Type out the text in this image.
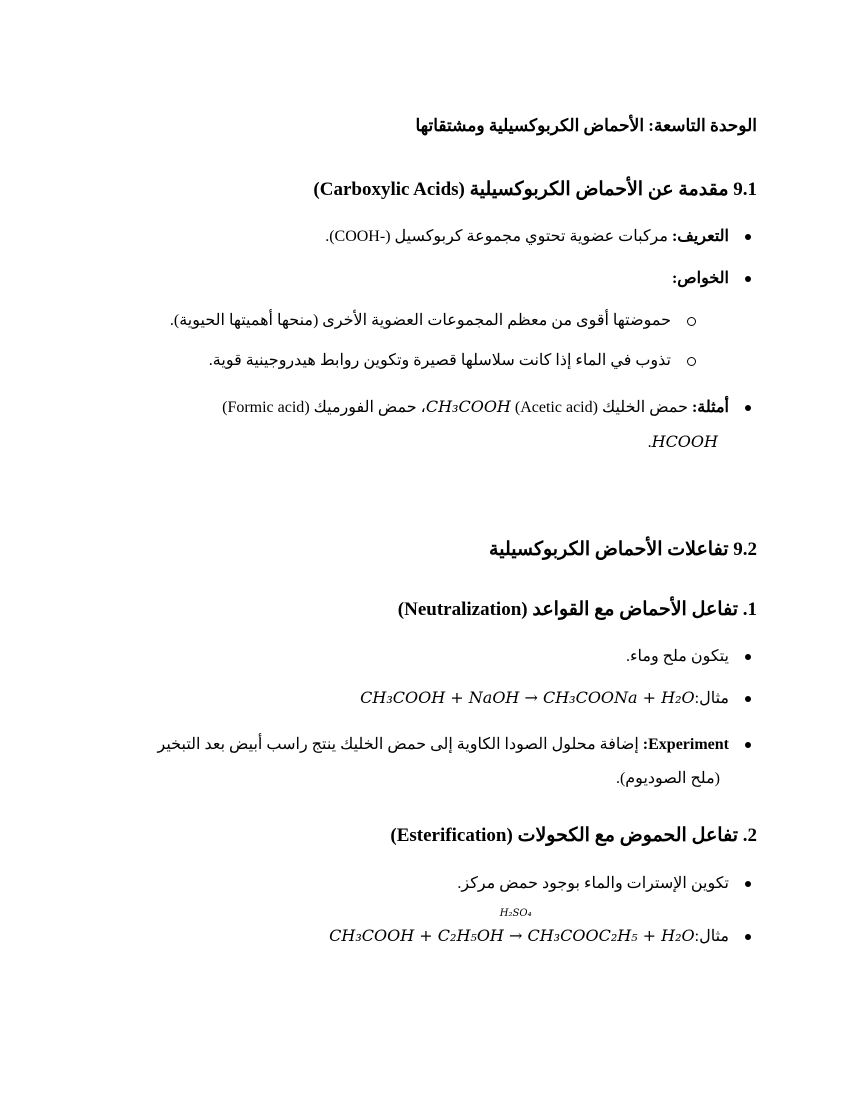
الوحدة التاسعة: الأحماض الكربوكسيلية ومشتقاتها
9.1 مقدمة عن الأحماض الكربوكسيلية (Carboxylic Acids)
التعريف: مركبات عضوية تحتوي مجموعة كربوكسيل (-COOH).
الخواص:
حموضتها أقوى من معظم المجموعات العضوية الأخرى (منحها أهميتها الحيوية).
تذوب في الماء إذا كانت سلاسلها قصيرة وتكوين روابط هيدروجينية قوية.
أمثلة: حمض الخليك (Acetic acid) CH₃COOH، حمض الفورميك (Formic acid)
HCOOH.
9.2 تفاعلات الأحماض الكربوكسيلية
1. تفاعل الأحماض مع القواعد (Neutralization)
يتكون ملح وماء.
مثال:CH₃COOH + NaOH → CH₃COONa + H₂O
Experiment: إضافة محلول الصودا الكاوية إلى حمض الخليك ينتج راسب أبيض بعد التبخير
(ملح الصوديوم).
2. تفاعل الحموض مع الكحولات (Esterification)
تكوين الإسترات والماء بوجود حمض مركز.
مثال:CH₃COOH + C₂H₅OH
H₂SO₄
→ CH₃COOC₂H₅ + H₂O
